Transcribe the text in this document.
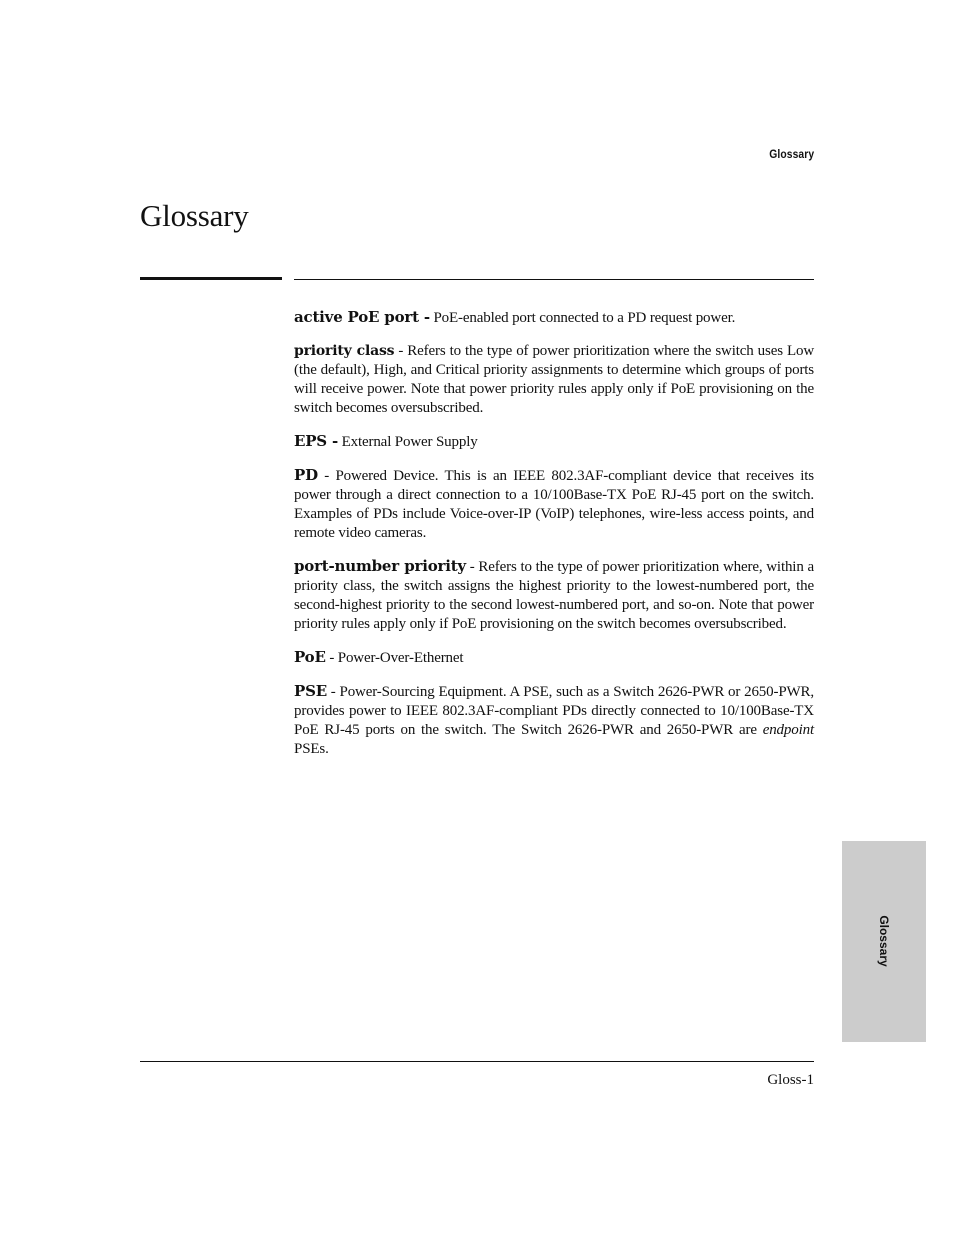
Glossary
Glossary

active PoE port - PoE-enabled port connected to a PD request power.

priority class - Refers to the type of power prioritization where the switch uses Low (the default), High, and Critical priority assignments to determine which groups of ports will receive power. Note that power priority rules apply only if PoE provisioning on the switch becomes oversubscribed.

EPS - External Power Supply

PD - Powered Device. This is an IEEE 802.3AF-compliant device that receives its power through a direct connection to a 10/100Base-TX PoE RJ-45 port on the switch. Examples of PDs include Voice-over-IP (VoIP) telephones, wire-less access points, and remote video cameras.

port-number priority - Refers to the type of power prioritization where, within a priority class, the switch assigns the highest priority to the lowest-numbered port, the second-highest priority to the second lowest-numbered port, and so-on. Note that power priority rules apply only if PoE provisioning on the switch becomes oversubscribed.

PoE - Power-Over-Ethernet

PSE - Power-Sourcing Equipment. A PSE, such as a Switch 2626-PWR or 2650-PWR, provides power to IEEE 802.3AF-compliant PDs directly connected to 10/100Base-TX PoE RJ-45 ports on the switch. The Switch 2626-PWR and 2650-PWR are endpoint PSEs.

Glossary
Gloss-1
